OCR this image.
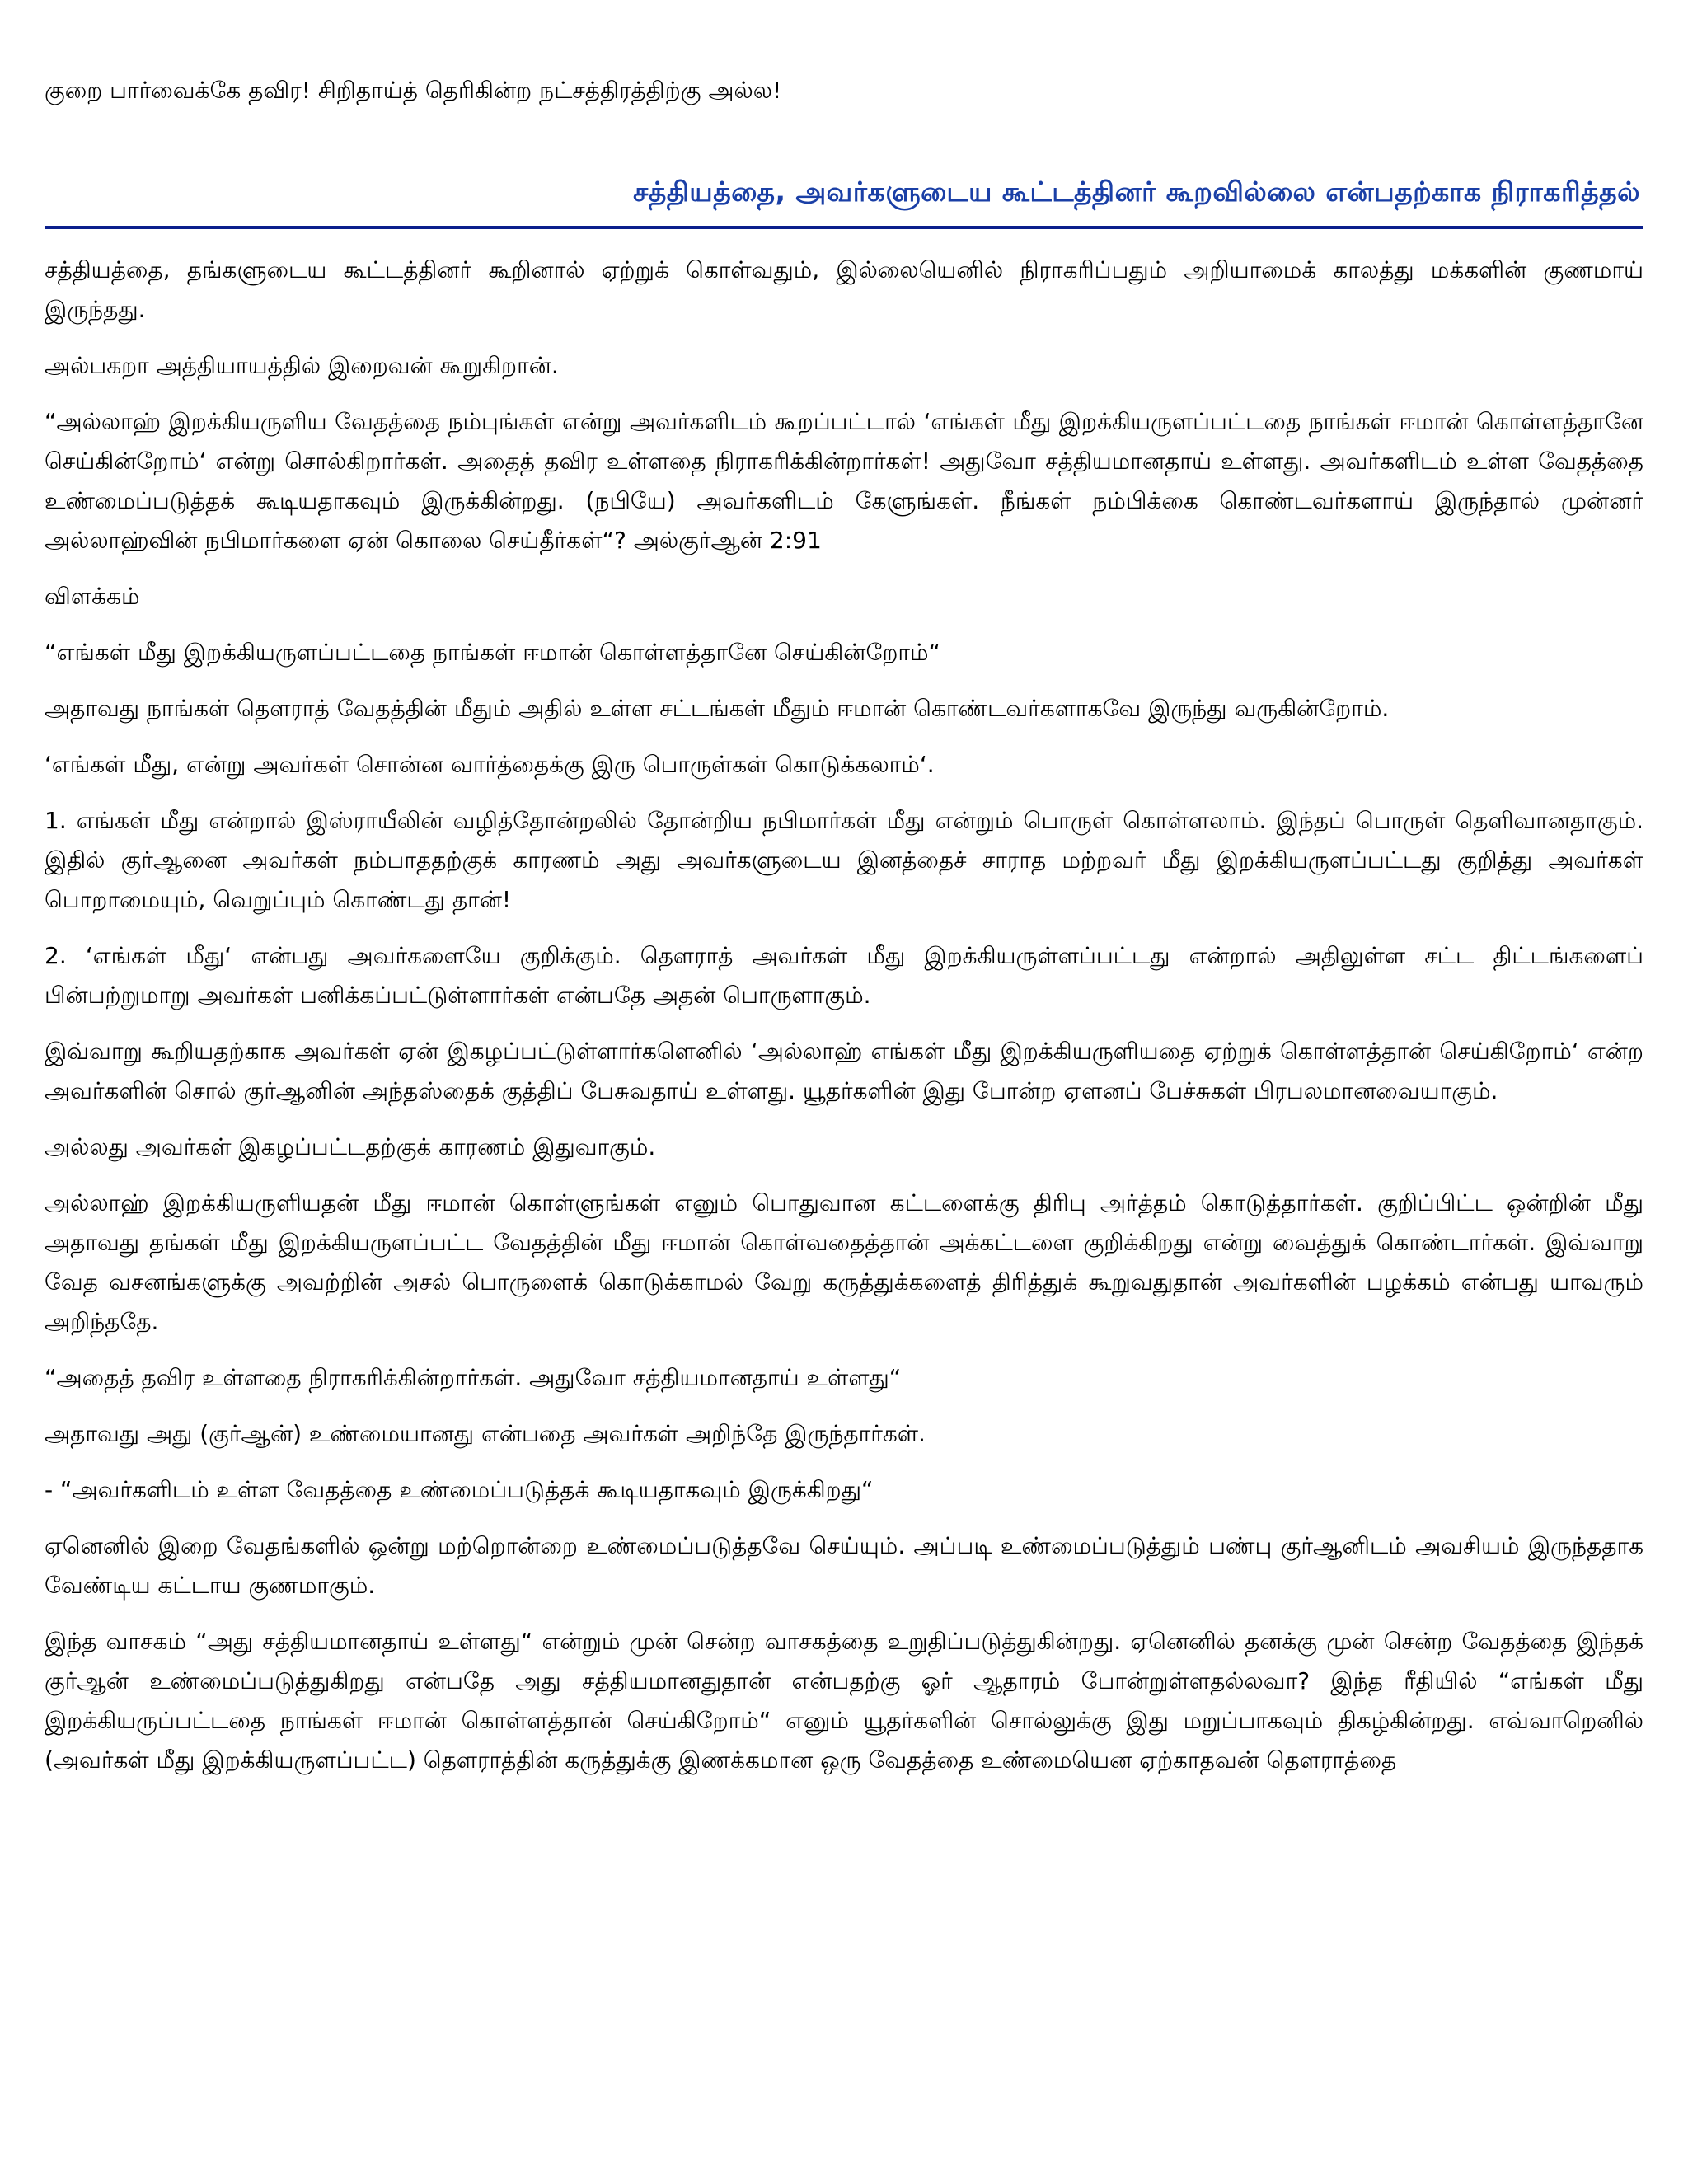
குறை பார்வைக்கே தவிர! சிறிதாய்த் தெரிகின்ற நட்சத்திரத்திற்கு அல்ல!

சத்தியத்தை, அவர்களுடைய கூட்டத்தினர் கூறவில்லை என்பதற்காக நிராகரித்தல்

சத்தியத்தை, தங்களுடைய கூட்டத்தினர் கூறினால் ஏற்றுக் கொள்வதும், இல்லையெனில் நிராகரிப்பதும் அறியாமைக் காலத்து மக்களின் குணமாய் இருந்தது.

அல்பகறா அத்தியாயத்தில் இறைவன் கூறுகிறான்.

“அல்லாஹ் இறக்கியருளிய வேதத்தை நம்புங்கள் என்று அவர்களிடம் கூறப்பட்டால் ‘எங்கள் மீது இறக்கியருளப்பட்டதை நாங்கள் ஈமான் கொள்ளத்தானே செய்கின்றோம்‘ என்று சொல்கிறார்கள். அதைத் தவிர உள்ளதை நிராகரிக்கின்றார்கள்! அதுவோ சத்தியமானதாய் உள்ளது. அவர்களிடம் உள்ள வேதத்தை உண்மைப்படுத்தக் கூடியதாகவும் இருக்கின்றது. (நபியே) அவர்களிடம் கேளுங்கள். நீங்கள் நம்பிக்கை கொண்டவர்களாய் இருந்தால் முன்னர் அல்லாஹ்வின் நபிமார்களை ஏன் கொலை செய்தீர்கள்“? அல்குர்ஆன் 2:91

விளக்கம்

“எங்கள் மீது இறக்கியருளப்பட்டதை நாங்கள் ஈமான் கொள்ளத்தானே செய்கின்றோம்“

அதாவது நாங்கள் தௌராத் வேதத்தின் மீதும் அதில் உள்ள சட்டங்கள் மீதும் ஈமான் கொண்டவர்களாகவே இருந்து வருகின்றோம்.

‘எங்கள் மீது, என்று அவர்கள் சொன்ன வார்த்தைக்கு இரு பொருள்கள் கொடுக்கலாம்‘.

1. எங்கள் மீது என்றால் இஸ்ராயீலின் வழித்தோன்றலில் தோன்றிய நபிமார்கள் மீது என்றும் பொருள் கொள்ளலாம். இந்தப் பொருள் தெளிவானதாகும். இதில் குர்ஆனை அவர்கள் நம்பாததற்குக் காரணம் அது அவர்களுடைய இனத்தைச் சாராத மற்றவர் மீது இறக்கியருளப்பட்டது குறித்து அவர்கள் பொறாமையும், வெறுப்பும் கொண்டது தான்!

2. ‘எங்கள் மீது‘ என்பது அவர்களையே குறிக்கும். தௌராத் அவர்கள் மீது இறக்கியருள்ளப்பட்டது என்றால் அதிலுள்ள சட்ட திட்டங்களைப் பின்பற்றுமாறு அவர்கள் பனிக்கப்பட்டுள்ளார்கள் என்பதே அதன் பொருளாகும்.

இவ்வாறு கூறியதற்காக அவர்கள் ஏன் இகழப்பட்டுள்ளார்களெனில் ‘அல்லாஹ் எங்கள் மீது இறக்கியருளியதை ஏற்றுக் கொள்ளத்தான் செய்கிறோம்‘ என்ற அவர்களின் சொல் குர்ஆனின் அந்தஸ்தைக் குத்திப் பேசுவதாய் உள்ளது. யூதர்களின் இது போன்ற ஏளனப் பேச்சுகள் பிரபலமானவையாகும்.

அல்லது அவர்கள் இகழப்பட்டதற்குக் காரணம் இதுவாகும்.

அல்லாஹ் இறக்கியருளியதன் மீது ஈமான் கொள்ளுங்கள் எனும் பொதுவான கட்டளைக்கு திரிபு அர்த்தம் கொடுத்தார்கள். குறிப்பிட்ட ஒன்றின் மீது அதாவது தங்கள் மீது இறக்கியருளப்பட்ட வேதத்தின் மீது ஈமான் கொள்வதைத்தான் அக்கட்டளை குறிக்கிறது என்று வைத்துக் கொண்டார்கள். இவ்வாறு வேத வசனங்களுக்கு அவற்றின் அசல் பொருளைக் கொடுக்காமல் வேறு கருத்துக்களைத் திரித்துக் கூறுவதுதான் அவர்களின் பழக்கம் என்பது யாவரும் அறிந்ததே.

“அதைத் தவிர உள்ளதை நிராகரிக்கின்றார்கள். அதுவோ சத்தியமானதாய் உள்ளது“

அதாவது அது (குர்ஆன்) உண்மையானது என்பதை அவர்கள் அறிந்தே இருந்தார்கள்.

- “அவர்களிடம் உள்ள வேதத்தை உண்மைப்படுத்தக் கூடியதாகவும் இருக்கிறது“

ஏனெனில் இறை வேதங்களில் ஒன்று மற்றொன்றை உண்மைப்படுத்தவே செய்யும். அப்படி உண்மைப்படுத்தும் பண்பு குர்ஆனிடம் அவசியம் இருந்ததாக வேண்டிய கட்டாய குணமாகும்.

இந்த வாசகம் “அது சத்தியமானதாய் உள்ளது“ என்றும் முன் சென்ற வாசகத்தை உறுதிப்படுத்துகின்றது. ஏனெனில் தனக்கு முன் சென்ற வேதத்தை இந்தக் குர்ஆன் உண்மைப்படுத்துகிறது என்பதே அது சத்தியமானதுதான் என்பதற்கு ஓர் ஆதாரம் போன்றுள்ளதல்லவா? இந்த ரீதியில் “எங்கள் மீது இறக்கியருப்பட்டதை நாங்கள் ஈமான் கொள்ளத்தான் செய்கிறோம்“ எனும் யூதர்களின் சொல்லுக்கு இது மறுப்பாகவும் திகழ்கின்றது. எவ்வாறெனில் (அவர்கள் மீது இறக்கியருளப்பட்ட) தௌராத்தின் கருத்துக்கு இணக்கமான ஒரு வேதத்தை உண்மையென ஏற்காதவன் தௌராத்தை
